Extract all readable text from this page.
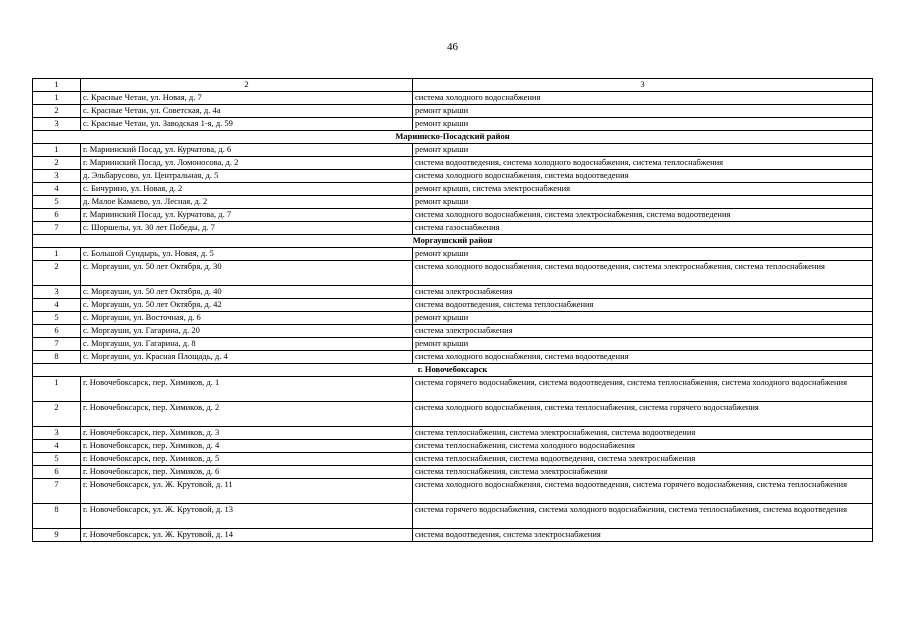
46
1	2	3
1	с. Красные Четаи, ул. Новая, д. 7	система холодного водоснабжения
2	с. Красные Четаи, ул. Советская, д. 4а	ремонт крыши
3	с. Красные Четаи, ул. Заводская 1-я, д. 59	ремонт крыши
Мариинско-Посадский район		
1	г. Мариинский Посад, ул. Курчатова, д. 6	ремонт крыши
2	г. Мариинский Посад, ул. Ломоносова, д. 2	система водоотведения, система холодного водоснабжения, система теплоснабжения
3	д. Эльбарусово, ул. Центральная, д. 5	система холодного водоснабжения, система водоотведения
4	с. Бичурино, ул. Новая, д. 2	ремонт крыши, система электроснабжения
5	д. Малое Камаево, ул. Лесная, д. 2	ремонт крыши
6	г. Мариинский Посад, ул. Курчатова, д. 7	система холодного водоснабжения, система электроснабжения, система водоотведения
7	с. Шоршелы, ул. 30 лет Победы, д. 7	система газоснабжения
Моргаушский район		
1	с. Большой Сундырь, ул. Новая, д. 5	ремонт крыши
2	с. Моргауши, ул. 50 лет Октября, д. 30	система холодного водоснабжения, система водоотведения, система электроснабжения, система теплоснабжения
3	с. Моргауши, ул. 50 лет Октября, д. 40	система электроснабжения
4	с. Моргауши, ул. 50 лет Октября, д. 42	система водоотведения, система теплоснабжения
5	с. Моргауши, ул. Восточная, д. 6	ремонт крыши
6	с. Моргауши, ул. Гагарина, д. 20	система электроснабжения
7	с. Моргауши, ул. Гагарина, д. 8	ремонт крыши
8	с. Моргауши, ул. Красная Площадь, д. 4	система холодного водоснабжения, система водоотведения
г. Новочебоксарск		
1	г. Новочебоксарск, пер. Химиков, д. 1	система горячего водоснабжения, система водоотведения, система теплоснабжения, система холодного водоснабжения
2	г. Новочебоксарск, пер. Химиков, д. 2	система холодного водоснабжения, система теплоснабжения, система горячего водоснабжения
3	г. Новочебоксарск, пер. Химиков, д. 3	система теплоснабжения, система электроснабжения, система водоотведения
4	г. Новочебоксарск, пер. Химиков, д. 4	система теплоснабжения, система холодного водоснабжения
5	г. Новочебоксарск, пер. Химиков, д. 5	система теплоснабжения, система водоотведения, система электроснабжения
6	г. Новочебоксарск, пер. Химиков, д. 6	система теплоснабжения, система электроснабжения
7	г. Новочебоксарск, ул. Ж. Крутовой, д. 11	система холодного водоснабжения, система водоотведения, система горячего водоснабжения, система теплоснабжения
8	г. Новочебоксарск, ул. Ж. Крутовой, д. 13	система горячего водоснабжения, система холодного водоснабжения, система теплоснабжения, система водоотведения
9	г. Новочебоксарск, ул. Ж. Крутовой, д. 14	система водоотведения, система электроснабжения
